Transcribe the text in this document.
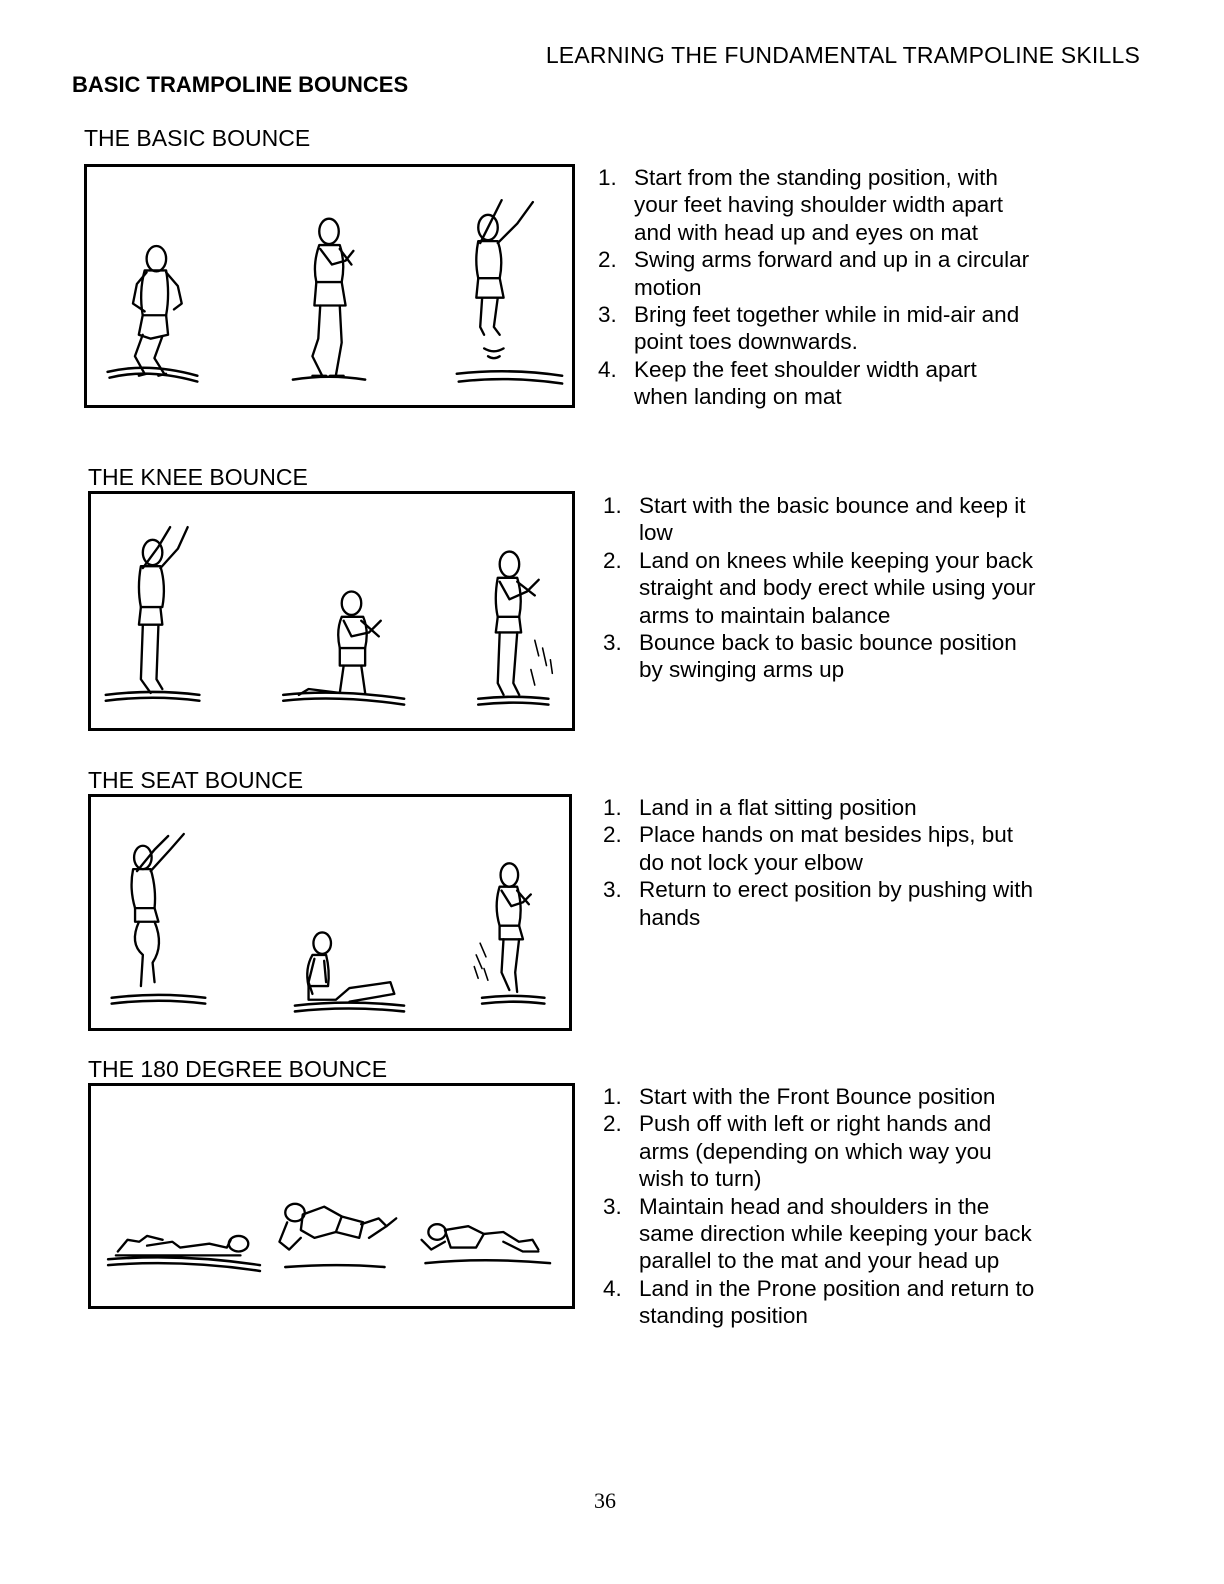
LEARNING THE FUNDAMENTAL TRAMPOLINE SKILLS
BASIC TRAMPOLINE BOUNCES
THE BASIC BOUNCE
1. Start from the standing position, with
your feet having shoulder width apart
and with head up and eyes on mat
2. Swing arms forward and up in a circular
motion
3. Bring feet together while in mid-air and
point toes downwards.
4. Keep the feet shoulder width apart
when landing on mat
THE KNEE BOUNCE
1. Start with the basic bounce and keep it
low
2. Land on knees while keeping your back
straight and body erect while using your
arms to maintain balance
3. Bounce back to basic bounce position
by swinging arms up
THE SEAT BOUNCE
1. Land in a flat sitting position
2. Place hands on mat besides hips, but
do not lock your elbow
3. Return to erect position by pushing with
hands
THE 180 DEGREE BOUNCE
1. Start with the Front Bounce position
2. Push off with left or right hands and
arms (depending on which way you
wish to turn)
3. Maintain head and shoulders in the
same direction while keeping your back
parallel to the mat and your head up
4. Land in the Prone position and return to
standing position
36
